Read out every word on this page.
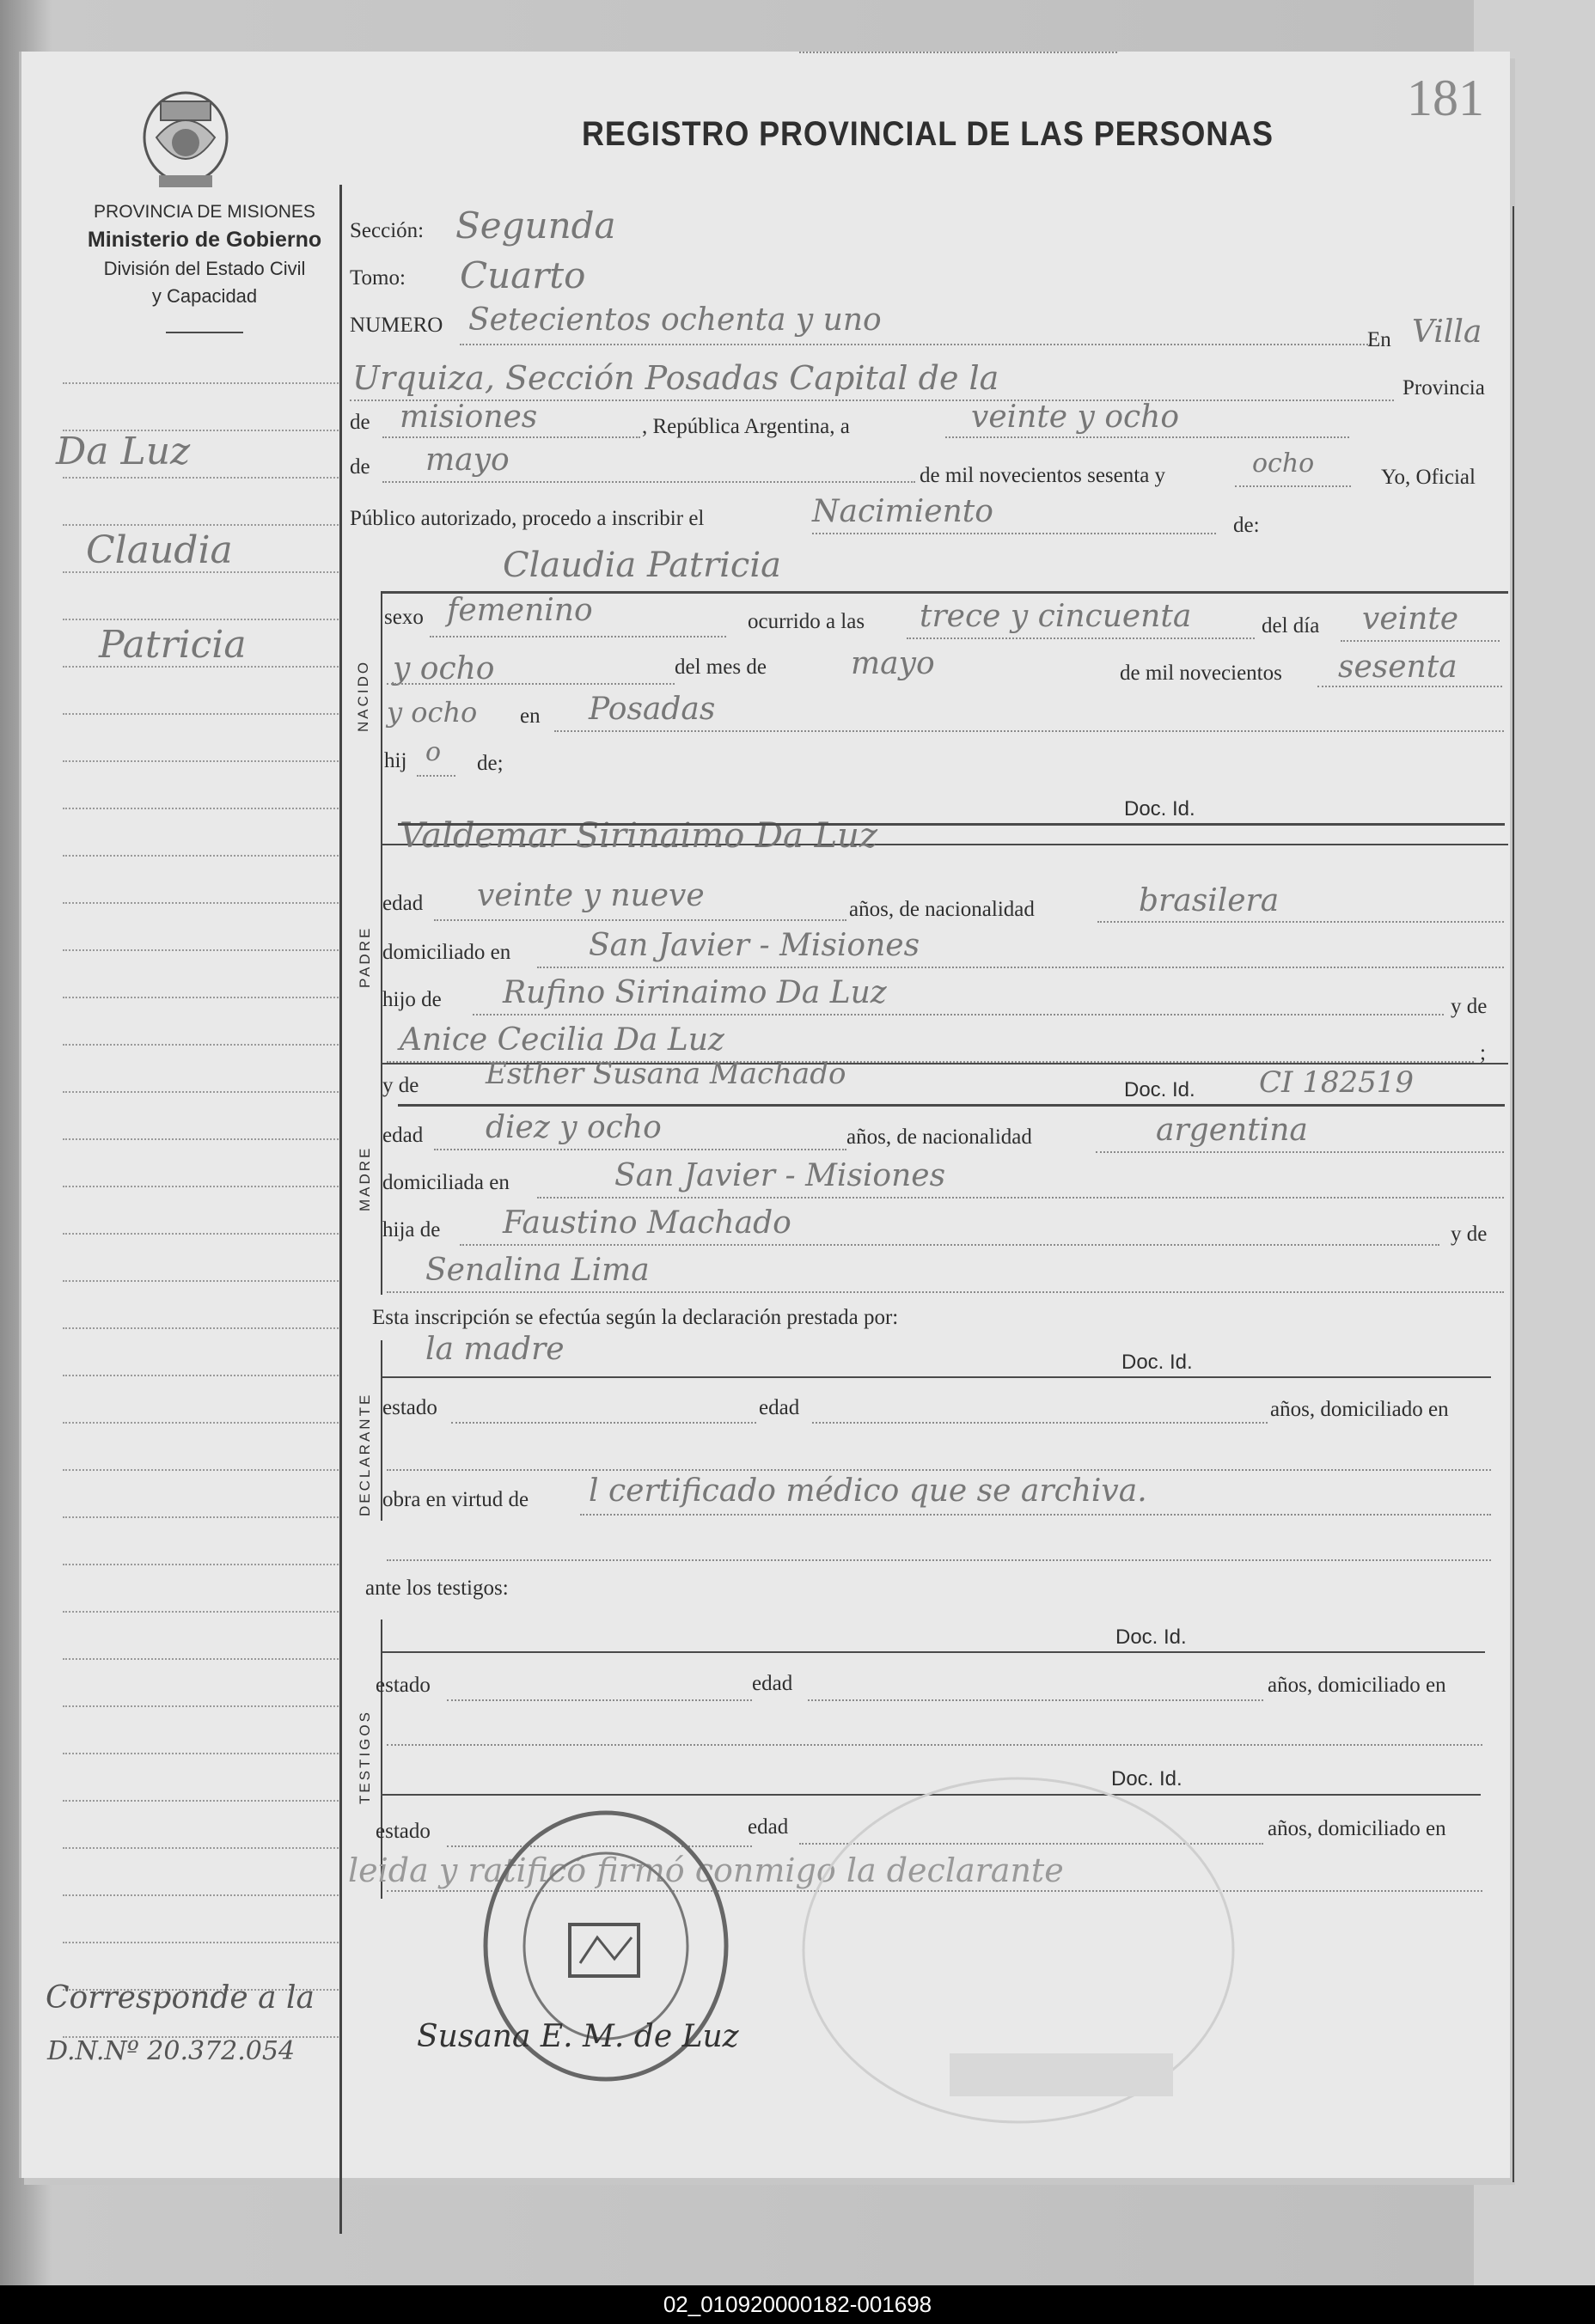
181
PROVINCIA DE MISIONES
Ministerio de Gobierno
División del Estado Civil
y Capacidad
REGISTRO PROVINCIAL DE LAS PERSONAS
Da Luz
Claudia
Patricia
Corresponde a la
D.N.Nº 20.372.054
Sección: Segunda
Tomo: Cuarto
NUMERO Setecientos ochenta y uno
En Villa
Urquiza, Sección Posadas Capital de la	Provincia
de misiones	, República Argentina, a	veinte y ocho
de mayo	de mil novecientos sesenta y	ocho	Yo, Oficial
Público autorizado, procedo a inscribir el	Nacimiento	de:
Claudia Patricia
NACIDO
sexo femenino	ocurrido a las trece y cincuenta	del día veinte
y ocho	del mes de	mayo	de mil novecientos sesenta
y ocho en Posadas
hij o de;
PADRE
Valdemar Sirinaimo Da Luz
Doc. Id.
edad veinte y nueve	años, de nacionalidad	brasilera
domiciliado en	San Javier - Misiones
hijo de Rufino Sirinaimo Da Luz	y de
Anice Cecilia Da Luz	;
MADRE
y de Esther Susana Machado	Doc. Id. CI 182519
edad diez y ocho	años, de nacionalidad	argentina
domiciliada en	San Javier - Misiones
hija de Faustino Machado	y de
Senalina Lima
Esta inscripción se efectúa según la declaración prestada por:
DECLARANTE
la madre	Doc. Id.
estado	edad	años, domiciliado en
obra en virtud de l certificado médico que se archiva.
ante los testigos:
TESTIGOS
Doc. Id.
estado	edad	años, domiciliado en
Doc. Id.
estado	edad	años, domiciliado en
leida y ratificó firmó conmigo la declarante
Susana E. M. de Luz
02_010920000182-001698
